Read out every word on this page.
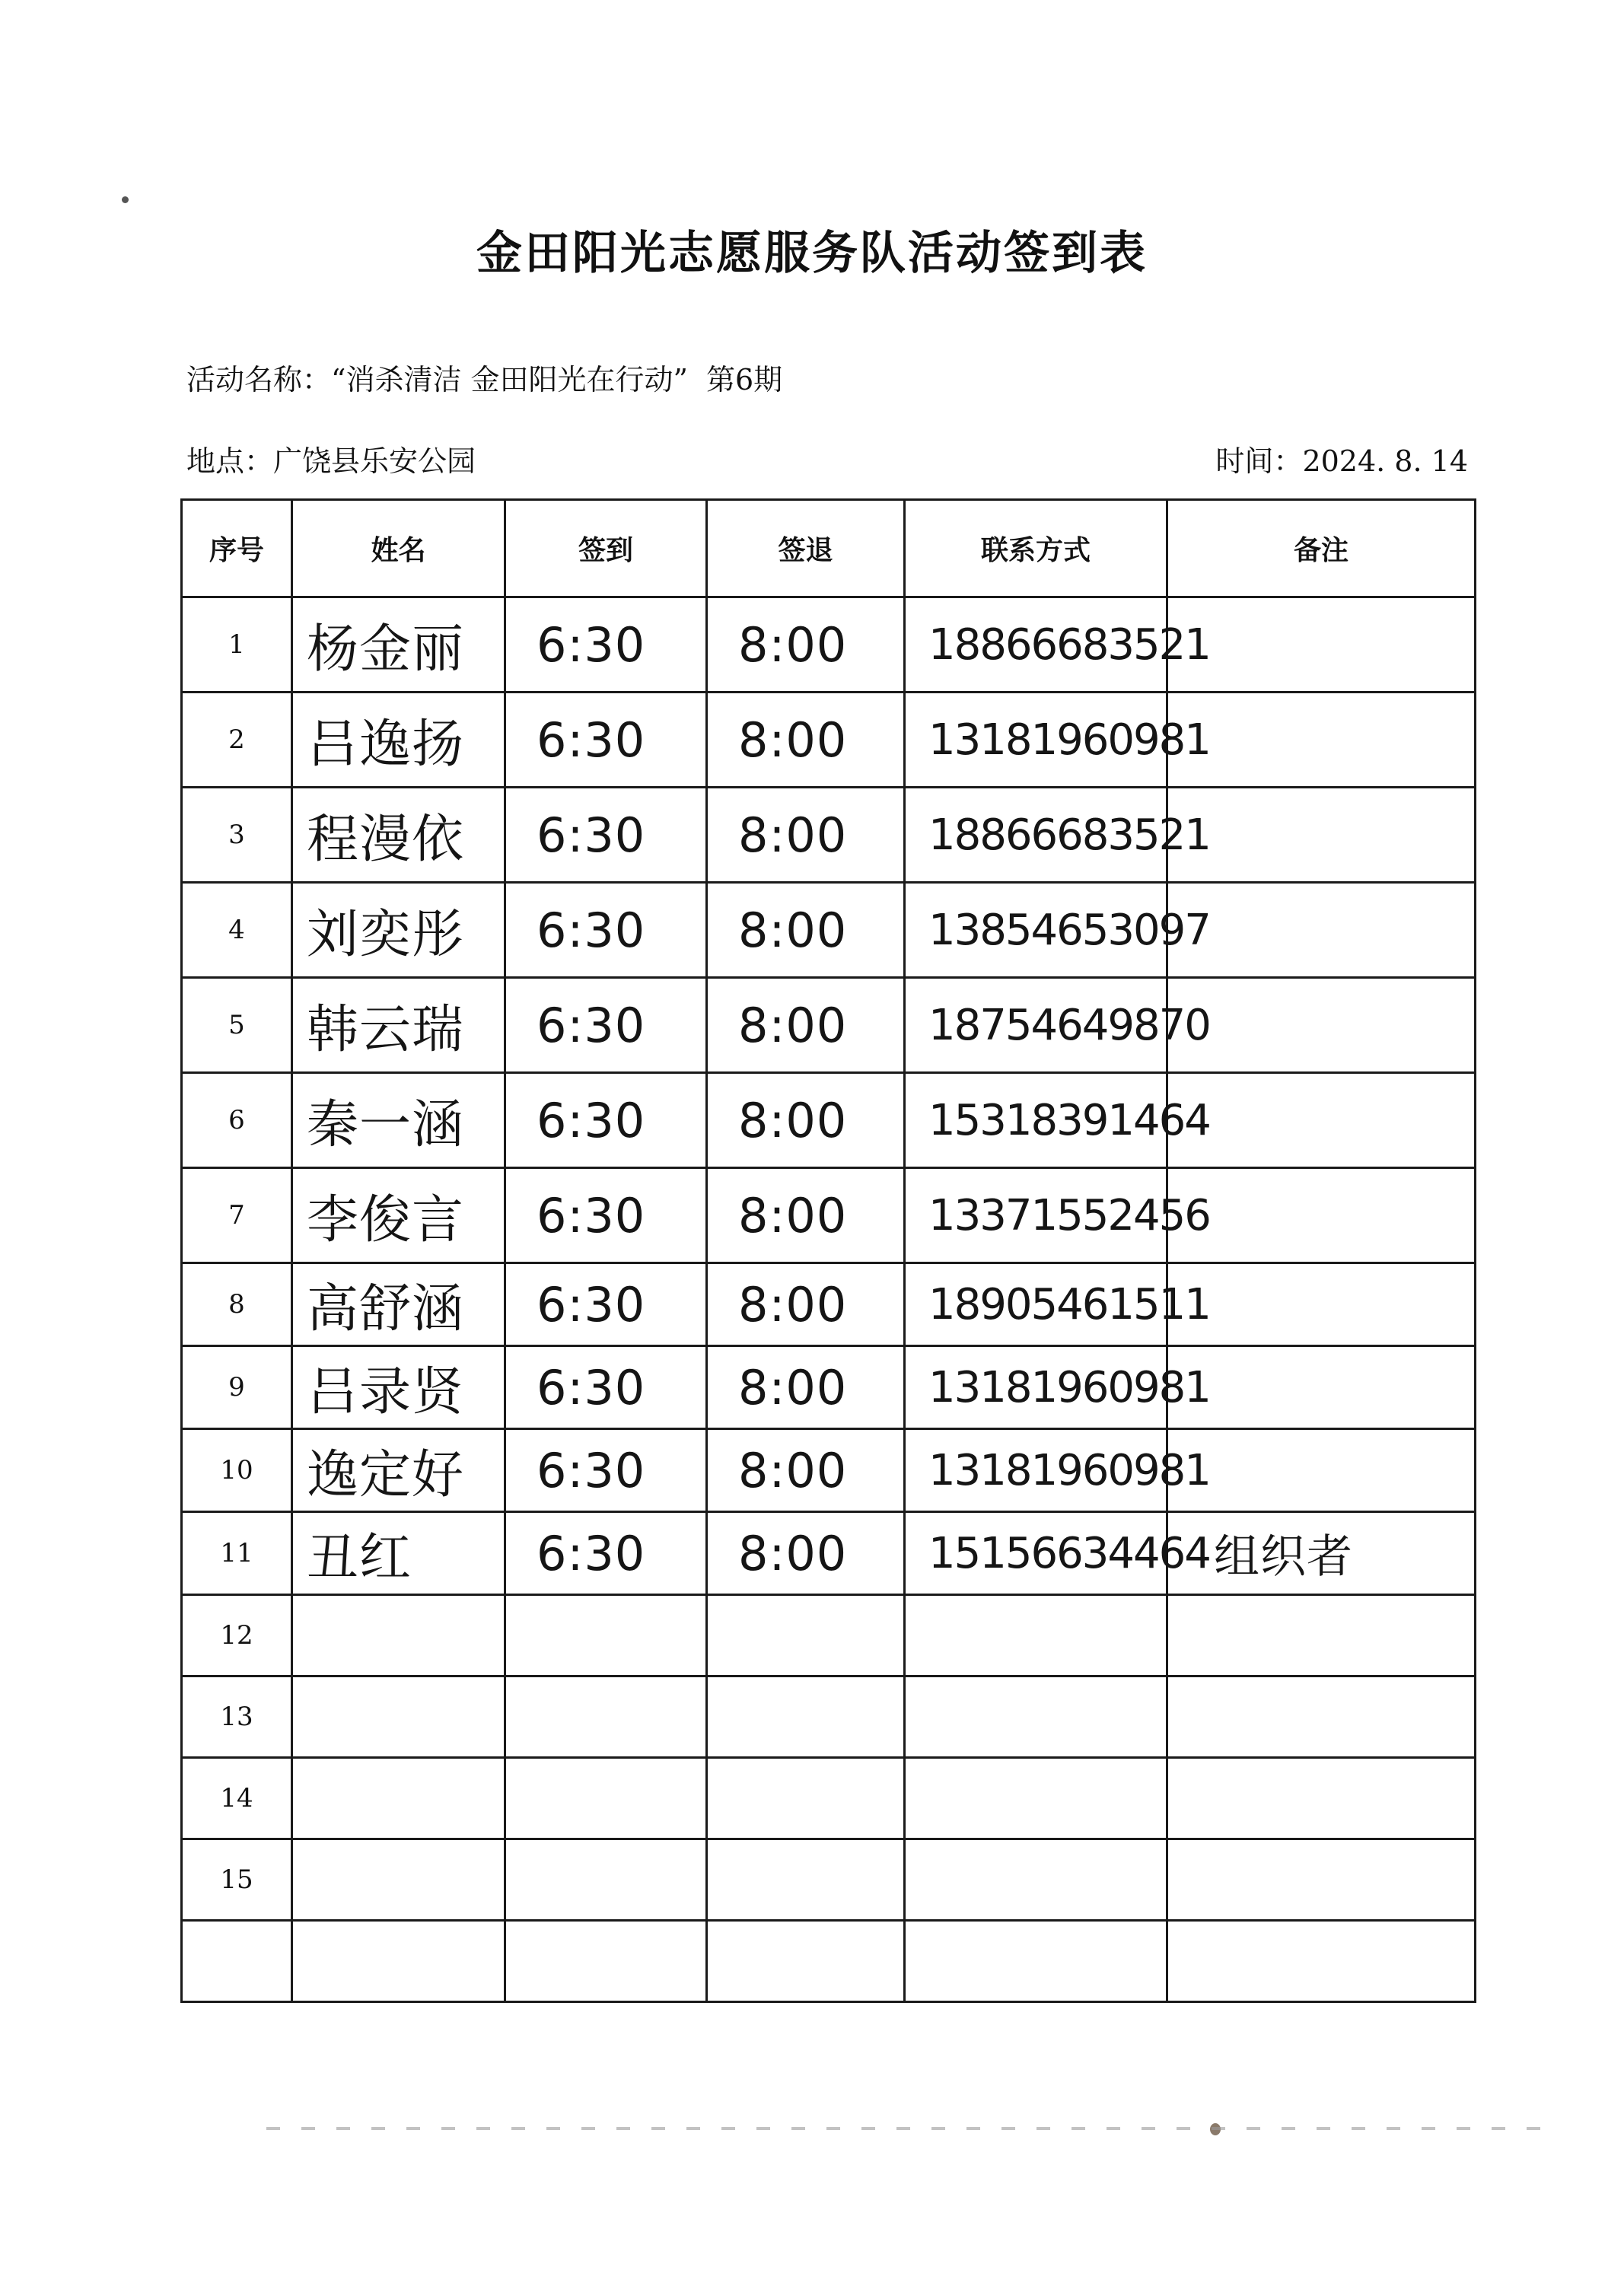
金田阳光志愿服务队活动签到表
活动名称：“消杀清洁 金田阳光在行动” 第6期
地点：广饶县乐安公园	时间：2024. 8. 14
序号	姓名	签到	签退	联系方式	备注
1	杨金丽	6:30	8:00	18866683521	
2	吕逸扬	6:30	8:00	13181960981	
3	程漫依	6:30	8:00	18866683521	
4	刘奕彤	6:30	8:00	13854653097	
5	韩云瑞	6:30	8:00	18754649870	
6	秦一涵	6:30	8:00	15318391464	
7	李俊言	6:30	8:00	13371552456	
8	高舒涵	6:30	8:00	18905461511	
9	吕录贤	6:30	8:00	13181960981	
10	逸定好	6:30	8:00	13181960981	
11	丑红	6:30	8:00	15156634464	组织者
12					
13					
14					
15					
